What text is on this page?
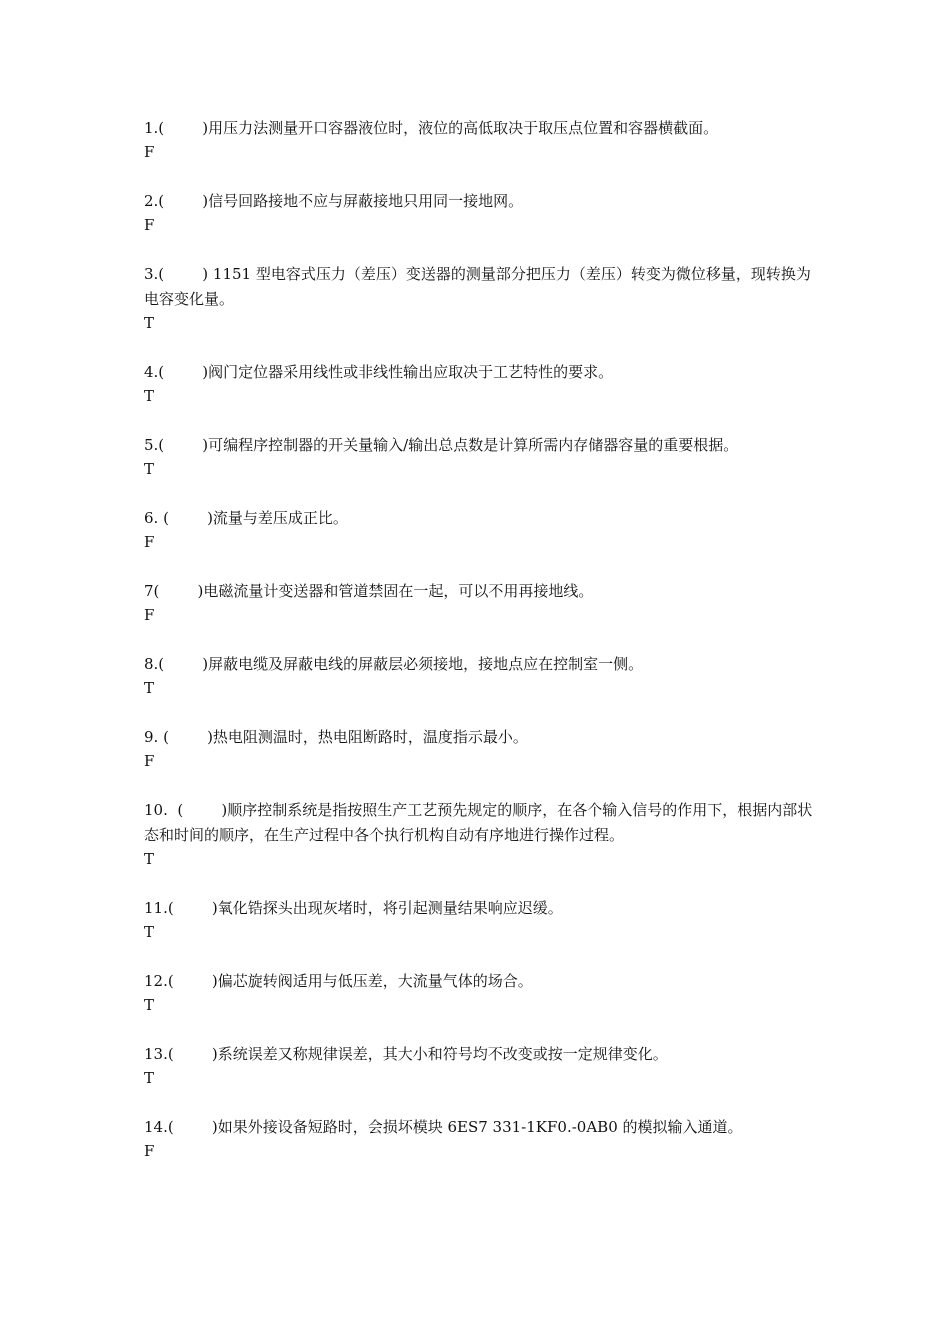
1.(        )用压力法测量开口容器液位时，液位的高低取决于取压点位置和容器横截面。

F

2.(        )信号回路接地不应与屏蔽接地只用同一接地网。

F

3.(        ) 1151 型电容式压力（差压）变送器的测量部分把压力（差压）转变为微位移量，现转换为电容变化量。

T

4.(        )阀门定位器采用线性或非线性输出应取决于工艺特性的要求。

T

5.(        )可编程序控制器的开关量输入/输出总点数是计算所需内存储器容量的重要根据。

T

6. (        )流量与差压成正比。

F

7(        )电磁流量计变送器和管道禁固在一起，可以不用再接地线。

F

8.(        )屏蔽电缆及屏蔽电线的屏蔽层必须接地，接地点应在控制室一侧。

T

9. (        )热电阻测温时，热电阻断路时，温度指示最小。

F

10.  (        )顺序控制系统是指按照生产工艺预先规定的顺序，在各个输入信号的作用下，根据内部状态和时间的顺序，在生产过程中各个执行机构自动有序地进行操作过程。

T

11.(        )氧化锆探头出现灰堵时，将引起测量结果响应迟缓。

T

12.(        )偏芯旋转阀适用与低压差，大流量气体的场合。

T

13.(        )系统误差又称规律误差，其大小和符号均不改变或按一定规律变化。

T

14.(        )如果外接设备短路时，会损坏模块 6ES7 331-1KF0.-0AB0 的模拟输入通道。

F
